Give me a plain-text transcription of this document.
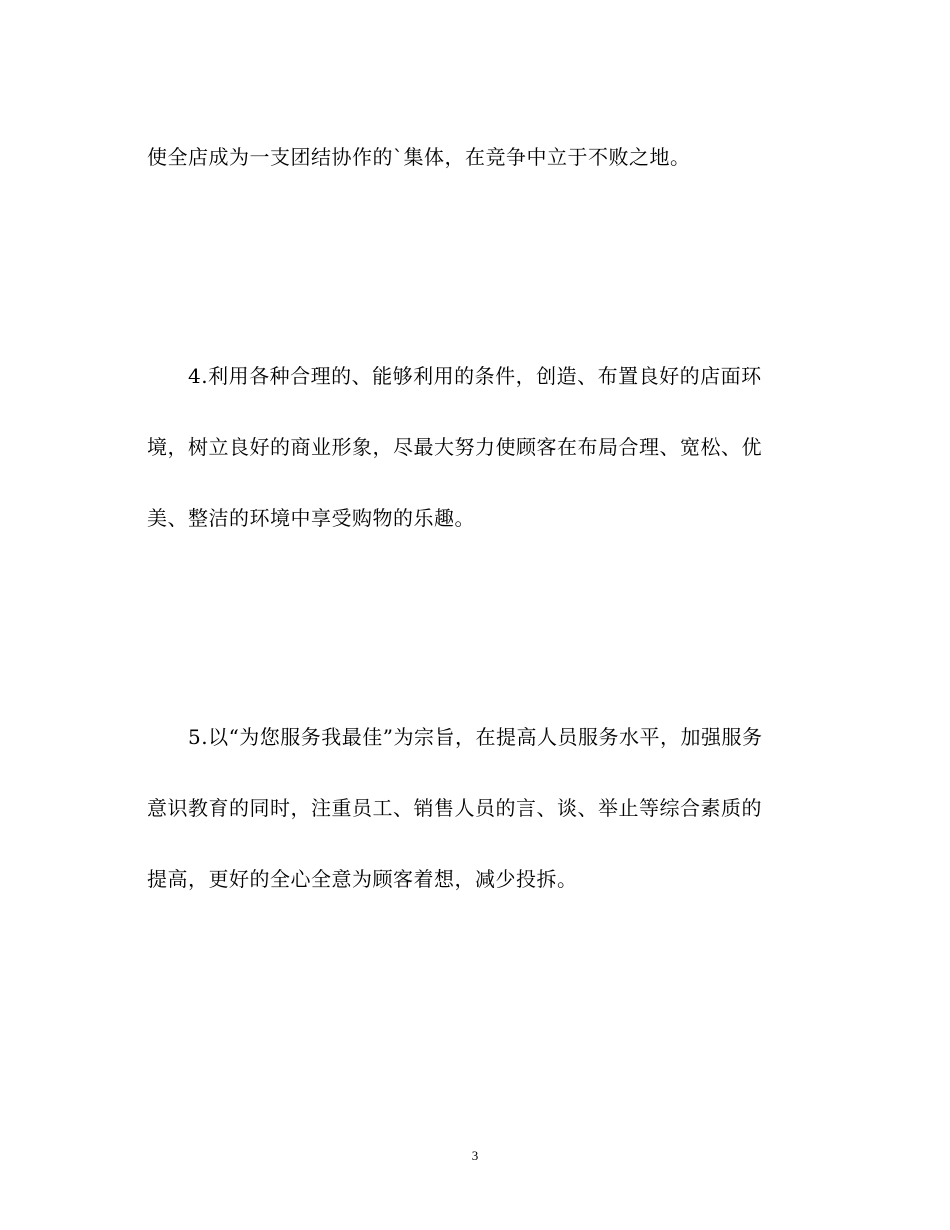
使全店成为一支团结协作的`集体，在竞争中立于不败之地。
4.利用各种合理的、能够利用的条件，创造、布置良好的店面环
境，树立良好的商业形象，尽最大努力使顾客在布局合理、宽松、优
美、整洁的环境中享受购物的乐趣。
5.以“为您服务我最佳”为宗旨，在提高人员服务水平，加强服务
意识教育的同时，注重员工、销售人员的言、谈、举止等综合素质的
提高，更好的全心全意为顾客着想，减少投拆。
3
